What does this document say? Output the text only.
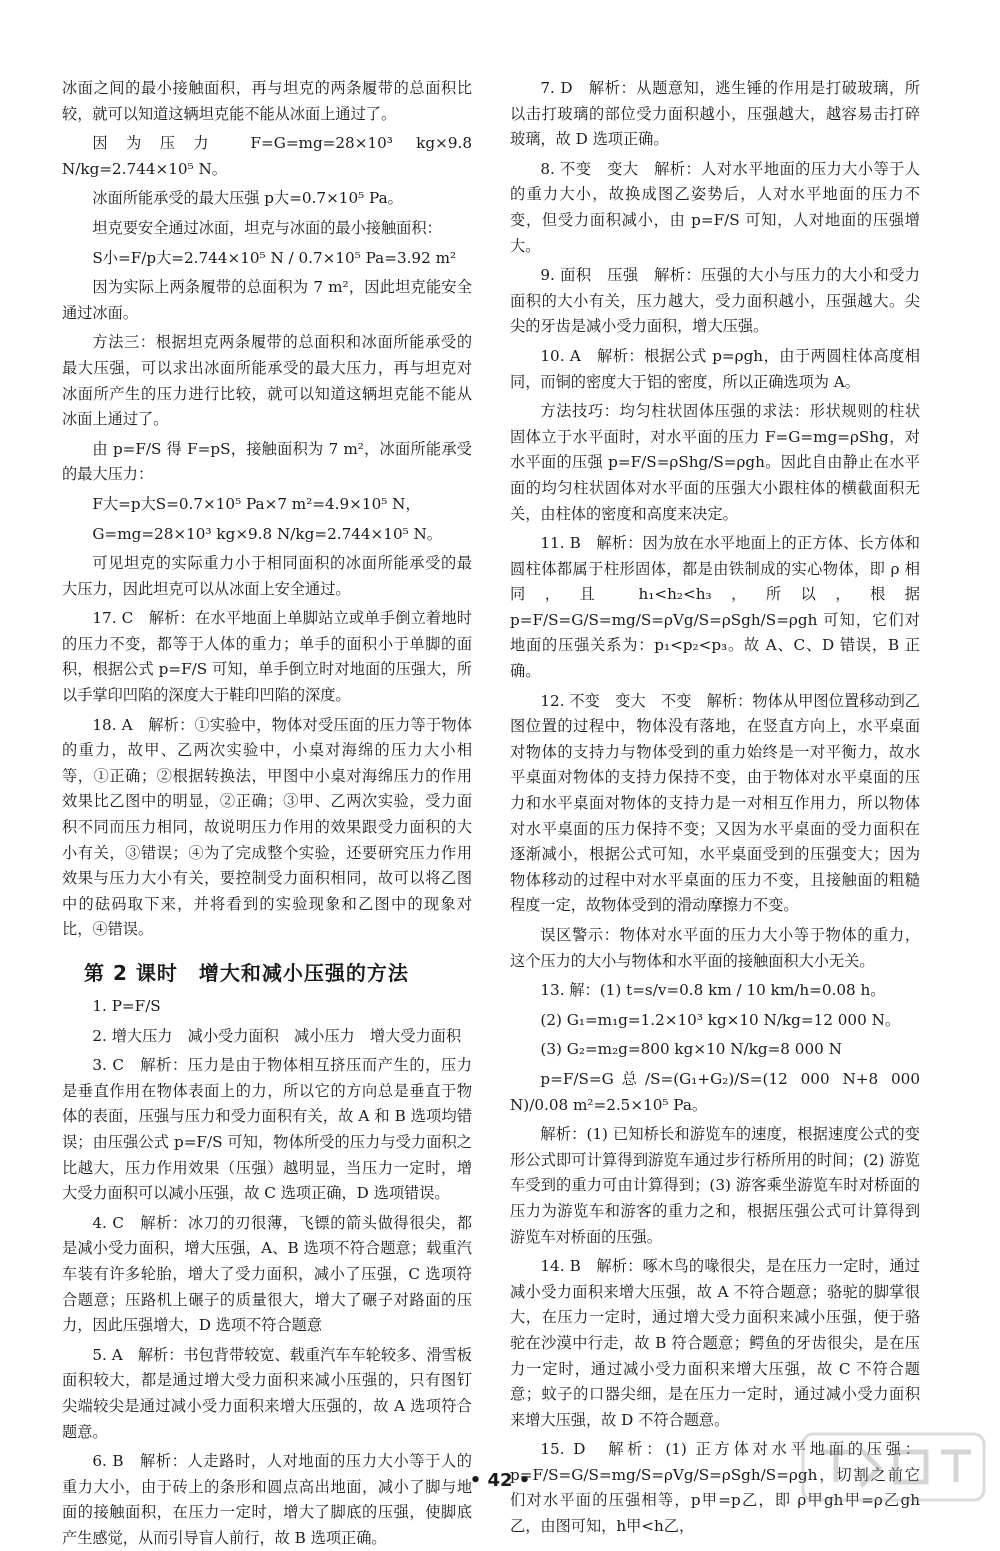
冰面之间的最小接触面积，再与坦克的两条履带的总面积比较，就可以知道这辆坦克能不能从冰面上通过了。

因为压力 F=G=mg=28×10³ kg×9.8 N/kg=2.744×10⁵ N。

冰面所能承受的最大压强 p大=0.7×10⁵ Pa。

坦克要安全通过冰面，坦克与冰面的最小接触面积：

S小=F/p大=2.744×10⁵ N / 0.7×10⁵ Pa=3.92 m²

因为实际上两条履带的总面积为 7 m²，因此坦克能安全通过冰面。

方法三：根据坦克两条履带的总面积和冰面所能承受的最大压强，可以求出冰面所能承受的最大压力，再与坦克对冰面所产生的压力进行比较，就可以知道这辆坦克能不能从冰面上通过了。

由 p=F/S 得 F=pS，接触面积为 7 m²，冰面所能承受的最大压力：

F大=p大S=0.7×10⁵ Pa×7 m²=4.9×10⁵ N，

G=mg=28×10³ kg×9.8 N/kg=2.744×10⁵ N。

可见坦克的实际重力小于相同面积的冰面所能承受的最大压力，因此坦克可以从冰面上安全通过。

17. C　解析：在水平地面上单脚站立或单手倒立着地时的压力不变，都等于人体的重力；单手的面积小于单脚的面积，根据公式 p=F/S 可知，单手倒立时对地面的压强大，所以手掌印凹陷的深度大于鞋印凹陷的深度。

18. A　解析：①实验中，物体对受压面的压力等于物体的重力，故甲、乙两次实验中，小桌对海绵的压力大小相等，①正确；②根据转换法，甲图中小桌对海绵压力的作用效果比乙图中的明显，②正确；③甲、乙两次实验，受力面积不同而压力相同，故说明压力作用的效果跟受力面积的大小有关，③错误；④为了完成整个实验，还要研究压力作用效果与压力大小有关，要控制受力面积相同，故可以将乙图中的砝码取下来，并将看到的实验现象和乙图中的现象对比，④错误。

第 2 课时　增大和减小压强的方法

1. P=F/S

2. 增大压力　减小受力面积　减小压力　增大受力面积

3. C　解析：压力是由于物体相互挤压而产生的，压力是垂直作用在物体表面上的力，所以它的方向总是垂直于物体的表面，压强与压力和受力面积有关，故 A 和 B 选项均错误；由压强公式 p=F/S 可知，物体所受的压力与受力面积之比越大，压力作用效果（压强）越明显，当压力一定时，增大受力面积可以减小压强，故 C 选项正确，D 选项错误。

4. C　解析：冰刀的刃很薄，飞镖的箭头做得很尖，都是减小受力面积，增大压强，A、B 选项不符合题意；载重汽车装有许多轮胎，增大了受力面积，减小了压强，C 选项符合题意；压路机上碾子的质量很大，增大了碾子对路面的压力，因此压强增大，D 选项不符合题意

5. A　解析：书包背带较宽、载重汽车车轮较多、滑雪板面积较大，都是通过增大受力面积来减小压强的，只有图钉尖端较尖是通过减小受力面积来增大压强的，故 A 选项符合题意。

6. B　解析：人走路时，人对地面的压力大小等于人的重力大小，由于砖上的条形和圆点高出地面，减小了脚与地面的接触面积，在压力一定时，增大了脚底的压强，使脚底产生感觉，从而引导盲人前行，故 B 选项正确。

7. D　解析：从题意知，逃生锤的作用是打破玻璃，所以击打玻璃的部位受力面积越小，压强越大，越容易击打碎玻璃，故 D 选项正确。

8. 不变　变大　解析：人对水平地面的压力大小等于人的重力大小，故换成图乙姿势后，人对水平地面的压力不变，但受力面积减小，由 p=F/S 可知，人对地面的压强增大。

9. 面积　压强　解析：压强的大小与压力的大小和受力面积的大小有关，压力越大，受力面积越小，压强越大。尖尖的牙齿是减小受力面积，增大压强。

10. A　解析：根据公式 p=ρgh，由于两圆柱体高度相同，而铜的密度大于铝的密度，所以正确选项为 A。

方法技巧：均匀柱状固体压强的求法：形状规则的柱状固体立于水平面时，对水平面的压力 F=G=mg=ρShg，对水平面的压强 p=F/S=ρShg/S=ρgh。因此自由静止在水平面的均匀柱状固体对水平面的压强大小跟柱体的横截面积无关，由柱体的密度和高度来决定。

11. B　解析：因为放在水平地面上的正方体、长方体和圆柱体都属于柱形固体，都是由铁制成的实心物体，即 ρ 相同，且 h₁<h₂<h₃，所以，根据 p=F/S=G/S=mg/S=ρVg/S=ρSgh/S=ρgh 可知，它们对地面的压强关系为：p₁<p₂<p₃。故 A、C、D 错误，B 正确。

12. 不变　变大　不变　解析：物体从甲图位置移动到乙图位置的过程中，物体没有落地，在竖直方向上，水平桌面对物体的支持力与物体受到的重力始终是一对平衡力，故水平桌面对物体的支持力保持不变，由于物体对水平桌面的压力和水平桌面对物体的支持力是一对相互作用力，所以物体对水平桌面的压力保持不变；又因为水平桌面的受力面积在逐渐减小，根据公式可知，水平桌面受到的压强变大；因为物体移动的过程中对水平桌面的压力不变，且接触面的粗糙程度一定，故物体受到的滑动摩擦力不变。

误区警示：物体对水平面的压力大小等于物体的重力，这个压力的大小与物体和水平面的接触面积大小无关。

13. 解：(1) t=s/v=0.8 km / 10 km/h=0.08 h。

(2) G₁=m₁g=1.2×10³ kg×10 N/kg=12 000 N。

(3) G₂=m₂g=800 kg×10 N/kg=8 000 N

p=F/S=G总/S=(G₁+G₂)/S=(12 000 N+8 000 N)/0.08 m²=2.5×10⁵ Pa。

解析：(1) 已知桥长和游览车的速度，根据速度公式的变形公式即可计算得到游览车通过步行桥所用的时间；(2) 游览车受到的重力可由计算得到；(3) 游客乘坐游览车时对桥面的压力为游览车和游客的重力之和，根据压强公式可计算得到游览车对桥面的压强。

14. B　解析：啄木鸟的喙很尖，是在压力一定时，通过减小受力面积来增大压强，故 A 不符合题意；骆驼的脚掌很大，在压力一定时，通过增大受力面积来减小压强，便于骆驼在沙漠中行走，故 B 符合题意；鳄鱼的牙齿很尖，是在压力一定时，通过减小受力面积来增大压强，故 C 不符合题意；蚊子的口器尖细，是在压力一定时，通过减小受力面积来增大压强，故 D 不符合题意。

15. D　解析：(1) 正方体对水平地面的压强：p=F/S=G/S=mg/S=ρVg/S=ρSgh/S=ρgh，切割之前它们对水平面的压强相等，p甲=p乙，即 ρ甲gh甲=ρ乙gh乙，由图可知，h甲<h乙，

• 42 •
